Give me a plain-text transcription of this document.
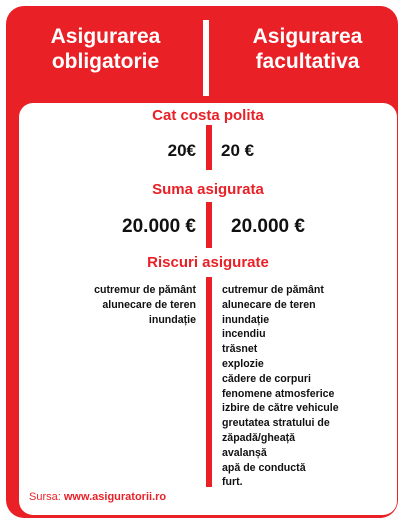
Asigurarea
obligatorie
Asigurarea
facultativa
Cat costa polita
20€ 20 €
Suma asigurata
20.000 € 20.000 €
Riscuri asigurate
cutremur de pământ
alunecare de teren
inundație
cutremur de pământ
alunecare de teren
inundație
incendiu
trăsnet
explozie
cădere de corpuri
fenomene atmosferice
izbire de către vehicule
greutatea stratului de
zăpadă/gheață
avalanșă
apă de conductă
furt.
Sursa: www.asiguratorii.ro
